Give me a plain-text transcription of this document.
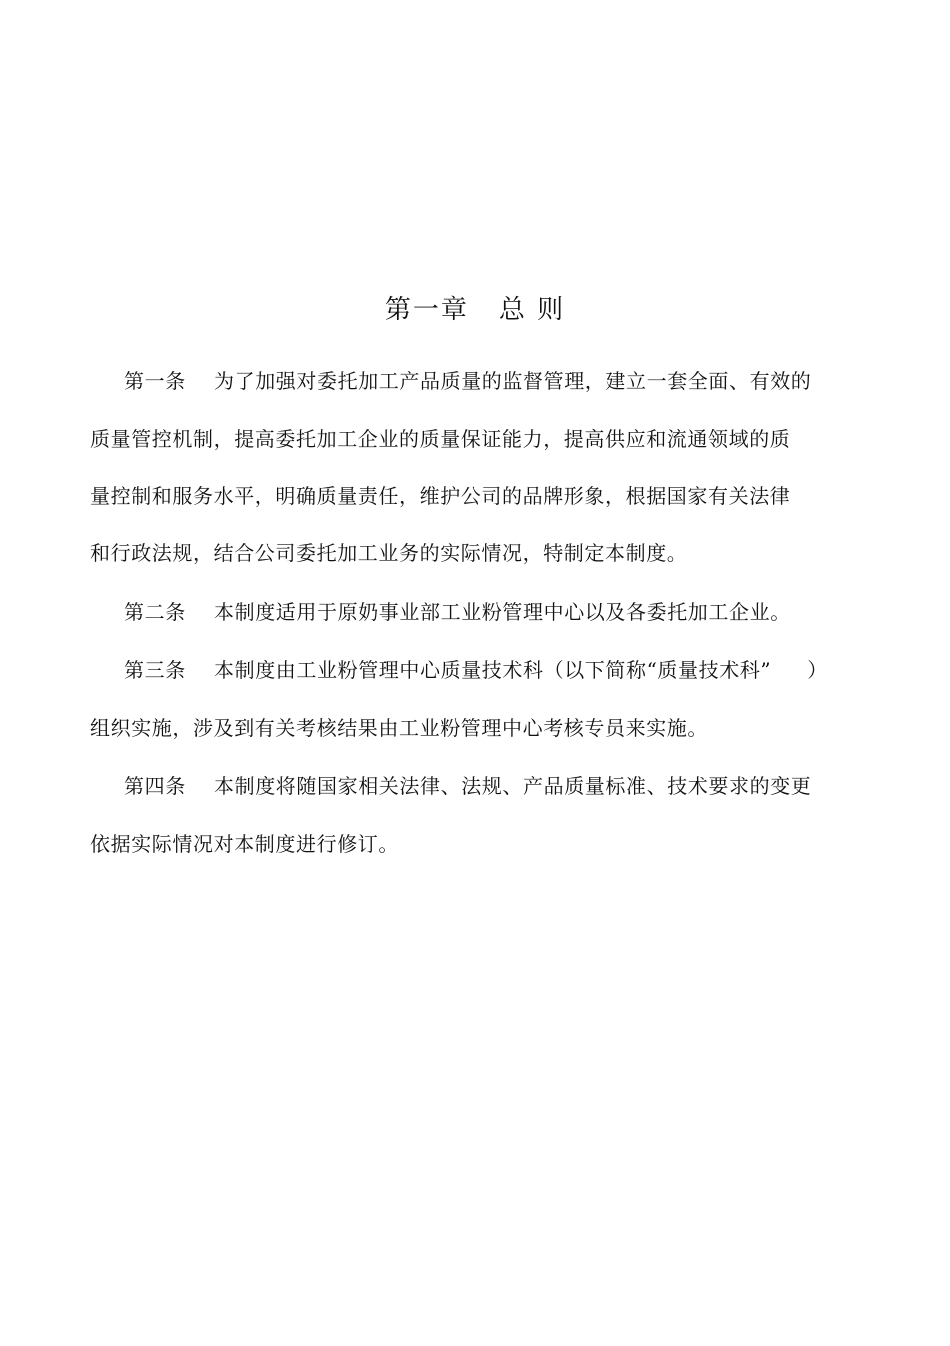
第一章 总 则
第一条 为了加强对委托加工产品质量的监督管理，建立一套全面、有效的
质量管控机制，提高委托加工企业的质量保证能力，提高供应和流通领域的质
量控制和服务水平，明确质量责任，维护公司的品牌形象，根据国家有关法律
和行政法规，结合公司委托加工业务的实际情况，特制定本制度。
第二条 本制度适用于原奶事业部工业粉管理中心以及各委托加工企业。
第三条 本制度由工业粉管理中心质量技术科（以下简称“质量技术科” ）
组织实施，涉及到有关考核结果由工业粉管理中心考核专员来实施。
第四条 本制度将随国家相关法律、法规、产品质量标准、技术要求的变更
依据实际情况对本制度进行修订。
